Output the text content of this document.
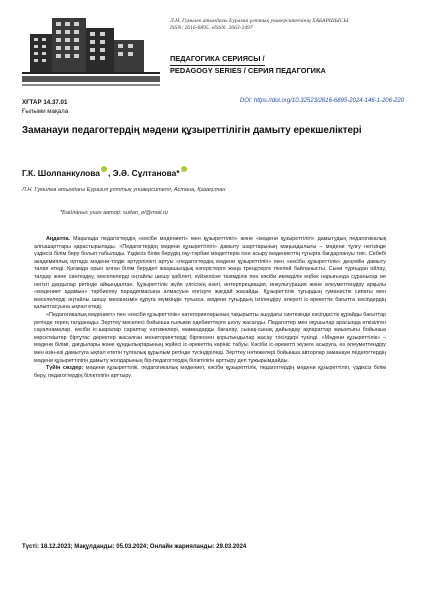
Л.Н. Гумилев атындағы Еуразия ұлттық университетінің ХАБАРШЫСЫ.
ISSN: 2616-6895. eISSN: 2663-2497
ПЕДАГОГИКА СЕРИЯСЫ /
PEDAGOGY SERIES / СЕРИЯ ПЕДАГОГИКА
ХҒТАР 14.37.01
Ғылыми мақала
DOI: https://doi.org/10.32523/2616-6895-2024-146-1-206-220
Заманауи педагогтердің мәдени құзыреттілігін дамыту ерекшеліктері
Г.К. Шолпанкулова , Э.Ә. Сұлтанова*
Л.Н. Гумилев атындағы Еуразия ұлттық университеті, Астана, Қазақстан
*Байланыс үшін автор: sultan_el@mail.ru

Аңдатпа. Мақалада педагогтердің «кәсіби мәдениеті» мен құзыреттілігі» және «мәдени құзыреттілігі» дамытудың педагогикалық алғышарттары қарастырылады. «Педагогтердің мәдени құзыреттілігі» дамыту шарттарының маңыздылығы – мәдени тұлғу негізінде үздіксіз білім беру болып табылады. Үздіксіз білім берудің оқу-тәрбие міндеттерін іске асыру мәдениеттің тұғырға бағдарлануы тиіс. Себебі академиялық ортада мәдени-тілдік әртүрлілікті артуы «педагогтердің мәдени құзыреттілігі» мен «кәсіби құзыреттілік» деңгейін дамыту талап етеді. Қоғамда орын алған білім берудегі жаңашылдық өзгерістерге жаңа трендтерге тікелей байланысты. Сыни тұрғыдан ойлау, талдау және синтездеу, мәселелерді оңтайлы шешу қабілеті, күйзеліске төзімділік пен кәсіби икемділік еңбек нарығында сұранысқа ие негізгі дағдылар ретінде айқындалған. Құзыреттілік жүйе үлгісінің өзегі, интерпрециация, инкультурация және әлеуметтендіру арқылы «мәдениет адамын» тәрбиелеу парадигмасына алмасуын енгізуге жағдай жасайды. Құзыреттілік тұғырдың гуманистік сипаты мен мәселелерді оңтайлы шешу механизмін құруға мүмкіндік туғызса, мәдени тұғырдың ізгілендіру әлеуеті іс-әрекеттік бағытта кәсіпдердің қалыптасуына ықпал етеді.

«Педагогикалық мәдениет» пен «кәсіби құзыреттілік» категорияларының тақырыпты ашудағы синтезінде кәсіпдестік құрайды бағыттар ретінде терең талданады. Зерттеу мәселесі бойынша ғылыми әдебиеттерге шолу жасалды. Педагогтер мен оқушылар арасында өткізілген сауалнамалар, кәсіби іс-шаралар сараптау нәтижелері, мамандарды бағалау, сынақ-сынақ дайындау ақпараттар жиынтығы бойынша көрсеткіштер біртұтас деректер жасалған мониторингтерді бірлескен қорытындылар жасау тәсілдері түзілді. «Мәдени құзыреттілік» – мәдени білімі, дағдылары және құндылықтарының жүйесі іс-әрекеттің көрініс табуы. Кәсіби іс-әрекетті жүзеге асыруға, өз әлеуметтендіру мен өзін-өзі дамытуға ықпал ететін тұлғалық құрылым ретінде түсіндіріледі. Зерттеу нәтижелері бойынша авторлар заманауи педагогтердің мәдени құзыреттілігін дамыту жолдарының бір-педагогтердің біліктілігін арттыру деп тұжырымдайды.

Түйін сөздер: мәдени құзыреттілік, педагогикалық мәдениет, кәсіби құзыреттілік, педагогтердің мәдени құзыреттілігі, үздіксіз білім беру, педагогтердің біліктілігін арттыру.

Түсті: 18.12.2023; Мақұлданды: 05.03.2024; Онлайн жарияланды: 29.03.2024
